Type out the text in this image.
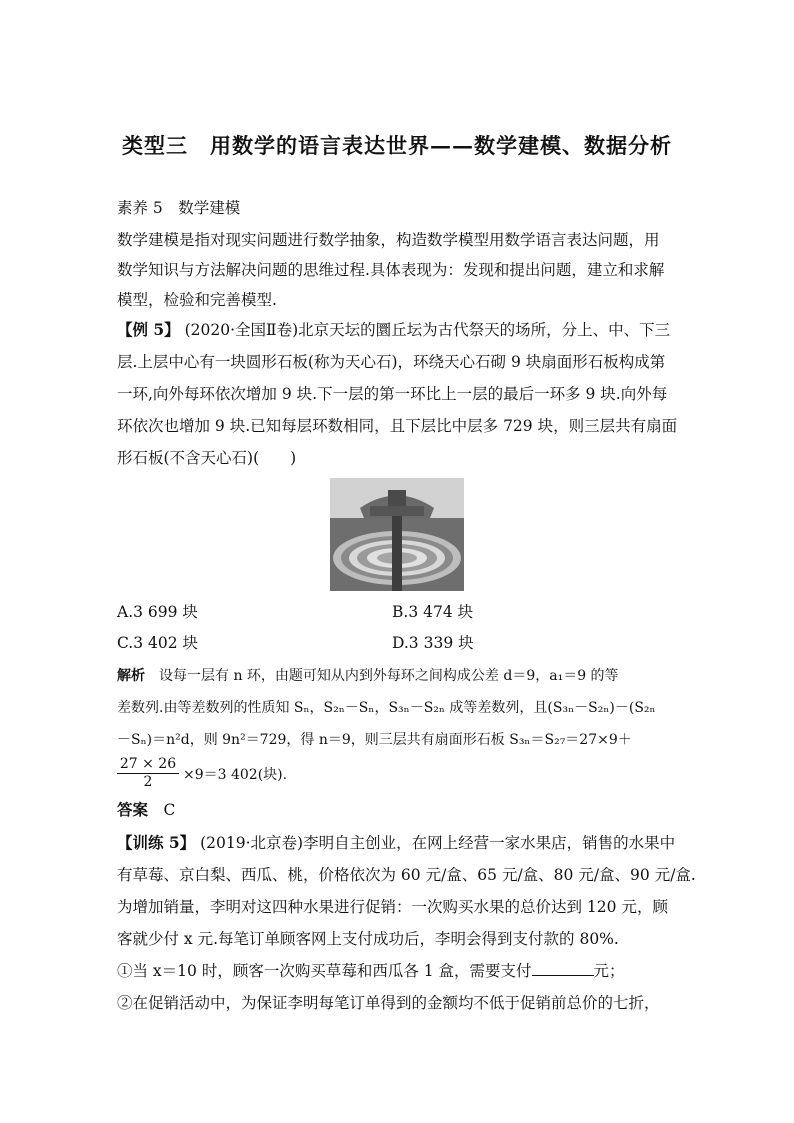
类型三　用数学的语言表达世界——数学建模、数据分析
素养 5　数学建模
数学建模是指对现实问题进行数学抽象，构造数学模型用数学语言表达问题，用
数学知识与方法解决问题的思维过程.具体表现为：发现和提出问题，建立和求解
模型，检验和完善模型.
【例 5】 (2020·全国Ⅱ卷)北京天坛的圜丘坛为古代祭天的场所，分上、中、下三
层.上层中心有一块圆形石板(称为天心石)，环绕天心石砌 9 块扇面形石板构成第
一环,向外每环依次增加 9 块.下一层的第一环比上一层的最后一环多 9 块.向外每
环依次也增加 9 块.已知每层环数相同，且下层比中层多 729 块，则三层共有扇面
形石板(不含天心石)(　　)
A.3 699 块	B.3 474 块
C.3 402 块	D.3 339 块
解析　 设每一层有 n 环，由题可知从内到外每环之间构成公差 d＝9，a₁＝9 的等
差数列.由等差数列的性质知 Sₙ，S₂ₙ－Sₙ，S₃ₙ－S₂ₙ 成等差数列，且(S₃ₙ－S₂ₙ)－(S₂ₙ
－Sₙ)＝n²d，则 9n²＝729，得 n＝9，则三层共有扇面形石板 S₃ₙ＝S₂₇＝27×9＋
$\frac{27 \times 26}{2} \times 9=3$ 402(块).
答案　 C
【训练 5】 (2019·北京卷)李明自主创业，在网上经营一家水果店，销售的水果中
有草莓、京白梨、西瓜、桃，价格依次为 60 元/盒、65 元/盒、80 元/盒、90 元/盒.
为增加销量，李明对这四种水果进行促销：一次购买水果的总价达到 120 元，顾
客就少付 x 元.每笔订单顾客网上支付成功后，李明会得到支付款的 80%.
①当 x＝10 时，顾客一次购买草莓和西瓜各 1 盒，需要支付	元；
②在促销活动中，为保证李明每笔订单得到的金额均不低于促销前总价的七折，
